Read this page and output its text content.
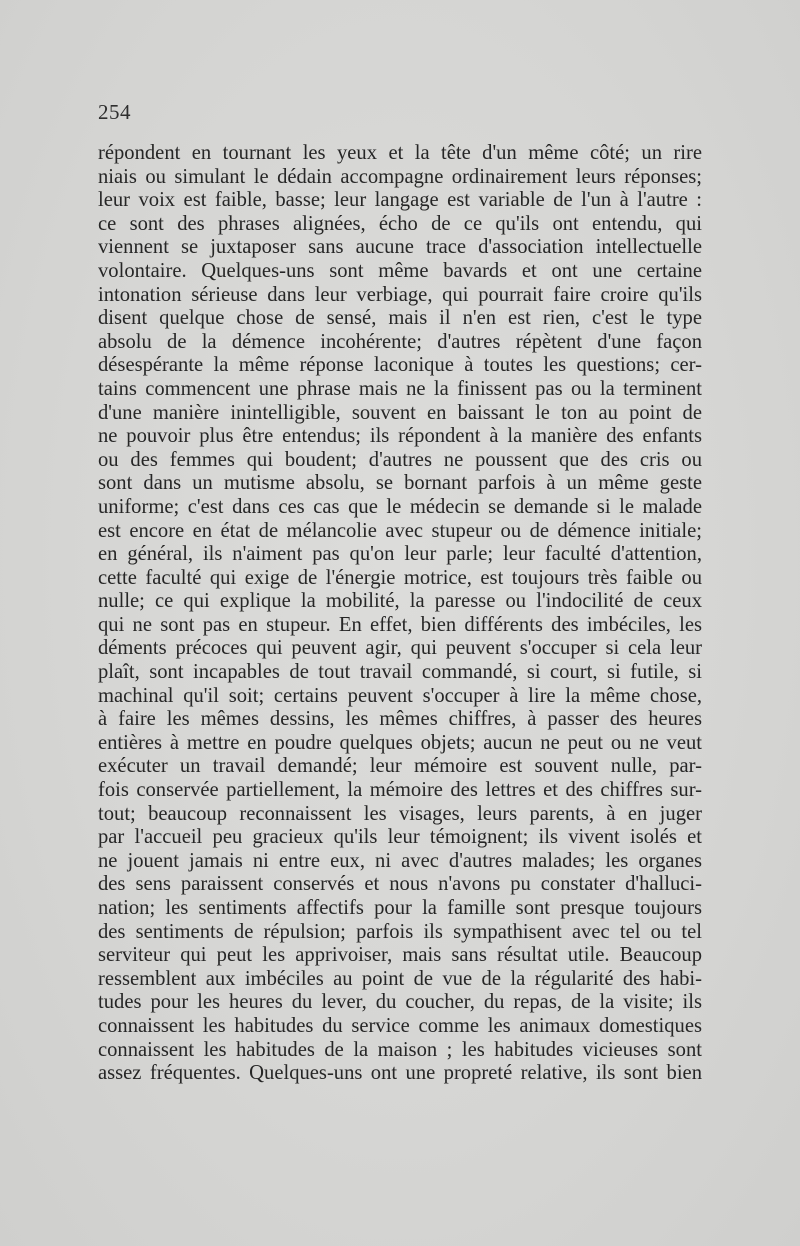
254
répondent en tournant les yeux et la tête d'un même côté; un rire
niais ou simulant le dédain accompagne ordinairement leurs réponses;
leur voix est faible, basse; leur langage est variable de l'un à l'autre :
ce sont des phrases alignées, écho de ce qu'ils ont entendu, qui
viennent se juxtaposer sans aucune trace d'association intellectuelle
volontaire. Quelques-uns sont même bavards et ont une certaine
intonation sérieuse dans leur verbiage, qui pourrait faire croire qu'ils
disent quelque chose de sensé, mais il n'en est rien, c'est le type
absolu de la démence incohérente; d'autres répètent d'une façon
désespérante la même réponse laconique à toutes les questions; cer-
tains commencent une phrase mais ne la finissent pas ou la terminent
d'une manière inintelligible, souvent en baissant le ton au point de
ne pouvoir plus être entendus; ils répondent à la manière des enfants
ou des femmes qui boudent; d'autres ne poussent que des cris ou
sont dans un mutisme absolu, se bornant parfois à un même geste
uniforme; c'est dans ces cas que le médecin se demande si le malade
est encore en état de mélancolie avec stupeur ou de démence initiale;
en général, ils n'aiment pas qu'on leur parle; leur faculté d'attention,
cette faculté qui exige de l'énergie motrice, est toujours très faible ou
nulle; ce qui explique la mobilité, la paresse ou l'indocilité de ceux
qui ne sont pas en stupeur. En effet, bien différents des imbéciles, les
déments précoces qui peuvent agir, qui peuvent s'occuper si cela leur
plaît, sont incapables de tout travail commandé, si court, si futile, si
machinal qu'il soit; certains peuvent s'occuper à lire la même chose,
à faire les mêmes dessins, les mêmes chiffres, à passer des heures
entières à mettre en poudre quelques objets; aucun ne peut ou ne veut
exécuter un travail demandé; leur mémoire est souvent nulle, par-
fois conservée partiellement, la mémoire des lettres et des chiffres sur-
tout; beaucoup reconnaissent les visages, leurs parents, à en juger
par l'accueil peu gracieux qu'ils leur témoignent; ils vivent isolés et
ne jouent jamais ni entre eux, ni avec d'autres malades; les organes
des sens paraissent conservés et nous n'avons pu constater d'halluci-
nation; les sentiments affectifs pour la famille sont presque toujours
des sentiments de répulsion; parfois ils sympathisent avec tel ou tel
serviteur qui peut les apprivoiser, mais sans résultat utile. Beaucoup
ressemblent aux imbéciles au point de vue de la régularité des habi-
tudes pour les heures du lever, du coucher, du repas, de la visite; ils
connaissent les habitudes du service comme les animaux domestiques
connaissent les habitudes de la maison ; les habitudes vicieuses sont
assez fréquentes. Quelques-uns ont une propreté relative, ils sont bien
